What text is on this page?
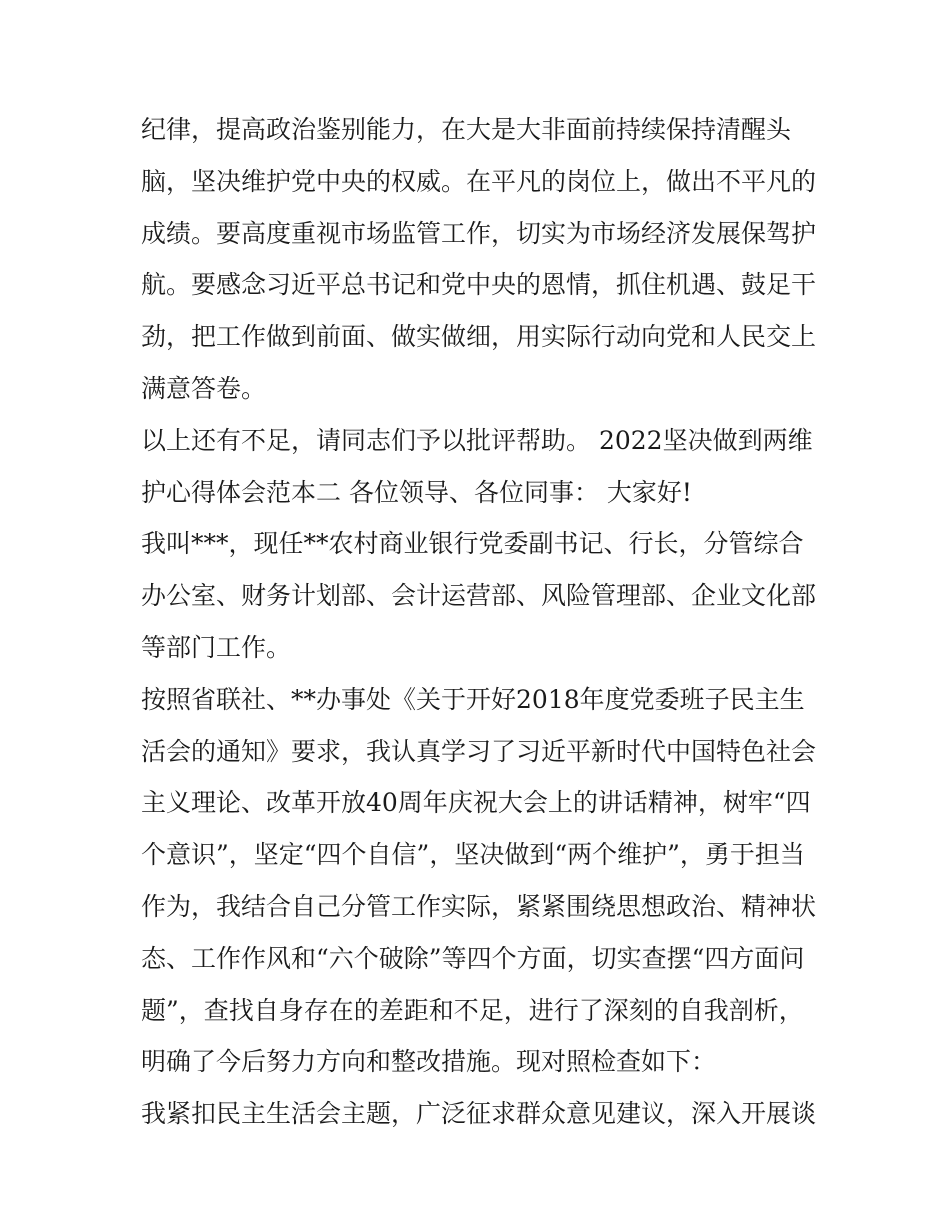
纪律，提高政治鉴别能力，在大是大非面前持续保持清醒头
脑，坚决维护党中央的权威。在平凡的岗位上，做出不平凡的
成绩。要高度重视市场监管工作，切实为市场经济发展保驾护
航。要感念习近平总书记和党中央的恩情，抓住机遇、鼓足干
劲，把工作做到前面、做实做细，用实际行动向党和人民交上
满意答卷。
以上还有不足，请同志们予以批评帮助。 2022坚决做到两维
护心得体会范本二 各位领导、各位同事： 大家好!
我叫***，现任**农村商业银行党委副书记、行长，分管综合
办公室、财务计划部、会计运营部、风险管理部、企业文化部
等部门工作。
按照省联社、**办事处《关于开好2018年度党委班子民主生
活会的通知》要求，我认真学习了习近平新时代中国特色社会
主义理论、改革开放40周年庆祝大会上的讲话精神，树牢“四
个意识”，坚定“四个自信”，坚决做到“两个维护”，勇于担当
作为，我结合自己分管工作实际，紧紧围绕思想政治、精神状
态、工作作风和“六个破除”等四个方面，切实查摆“四方面问
题”，查找自身存在的差距和不足，进行了深刻的自我剖析，
明确了今后努力方向和整改措施。现对照检查如下：
我紧扣民主生活会主题，广泛征求群众意见建议，深入开展谈
